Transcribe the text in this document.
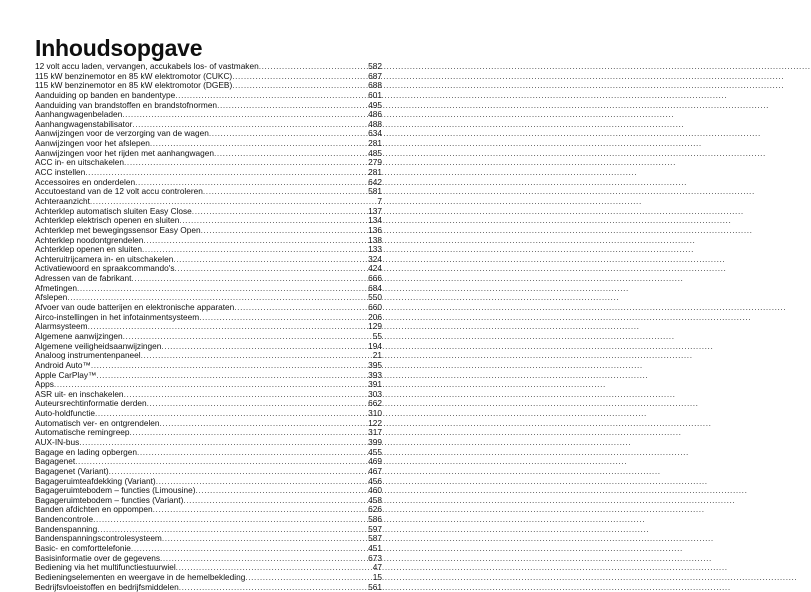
Inhoudsopgave
12 volt accu laden, vervangen, accukabels los- of vastmaken .....	582
115 kW benzinemotor en 85 kW elektromotor (CUKC) .....	687
115 kW benzinemotor en 85 kW elektromotor (DGEB) .....	688
Aanduiding op banden en bandentype .....	601
Aanduiding van brandstoffen en brandstofnormen .....	495
Aanhangwagenbeladen .....	486
Aanhangwagenstabilisator .....	488
Aanwijzingen voor de verzorging van de wagen .....	634
Aanwijzingen voor het afslepen .....	281
Aanwijzingen voor het rijden met aanhangwagen .....	485
ACC in- en uitschakelen .....	279
ACC instellen .....	281
Accessoires en onderdelen .....	642
Accutoestand van de 12 volt accu controleren .....	581
Achteraanzicht .....	7
Achterklep automatisch sluiten Easy Close .....	137
Achterklep elektrisch openen en sluiten .....	134
Achterklep met bewegingssensor Easy Open .....	136
Achterklep noodontgrendelen .....	138
Achterklep openen en sluiten .....	133
Achteruitrijcamera in- en uitschakelen .....	324
Activatiewoord en spraakcommando's .....	424
Adressen van de fabrikant .....	666
Afmetingen .....	684
Afslepen .....	550
Afvoer van oude batterijen en elektronische apparaten .....	660
Airco-instellingen in het infotainmentsysteem .....	206
Alarmsysteem .....	129
Algemene aanwijzingen .....	55
Algemene veiligheidsaanwijzingen .....	194
Analoog instrumentenpaneel .....	21
Android Auto™ .....	395
Apple CarPlay™ .....	393
Apps .....	391
ASR uit- en inschakelen .....	303
Auteursrechtinformatie derden .....	662
Auto-holdfunctie .....	310
Automatisch ver- en ontgrendelen .....	122
Automatische remingreep .....	317
AUX-IN-bus .....	399
Bagage en lading opbergen .....	455
Bagagenet .....	469
Bagagenet (Variant) .....	467
Bagageruimteafdekking (Variant) .....	456
Bagageruimtebodem – functies (Limousine) .....	460
Bagageruimtebodem – functies (Variant) .....	458
Banden afdichten en oppompen .....	626
Bandencontrole .....	586
Bandenspanning .....	597
Bandenspanningscontrolesysteem .....	587
Basic- en comforttelefonie .....	451
Basisinformatie over de gegevens .....	673
Bediening via het multifunctiestuurwiel .....	47
Bedieningselementen en weergave in de hemelbekleding .....	15
Bedrijfsvloeistoffen en bedrijfsmiddelen .....	561
